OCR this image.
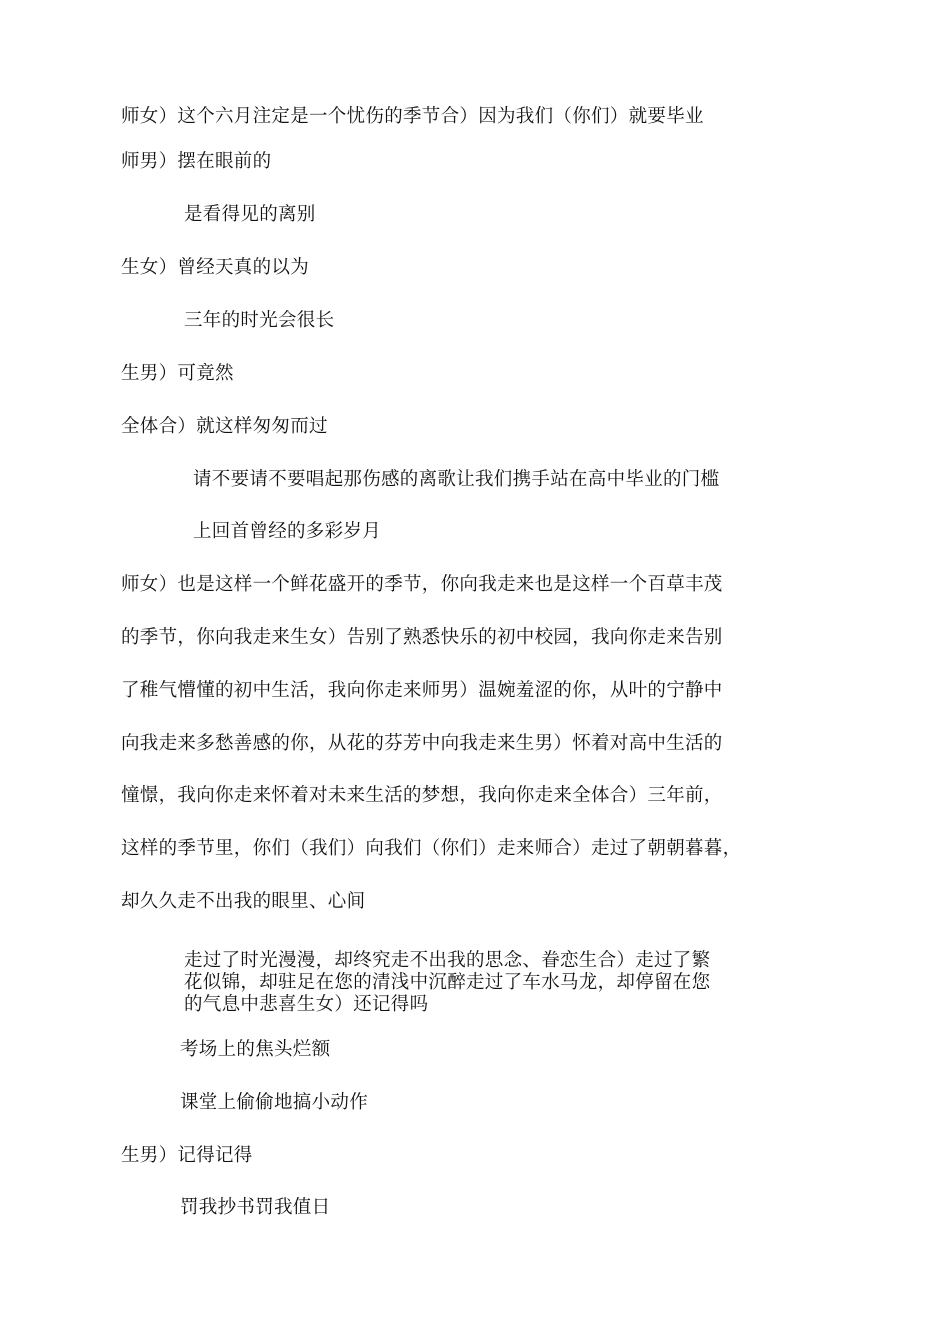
师女）这个六月注定是一个忧伤的季节合）因为我们（你们）就要毕业
师男）摆在眼前的
是看得见的离别
生女）曾经天真的以为
三年的时光会很长
生男）可竟然
全体合）就这样匆匆而过
请不要请不要唱起那伤感的离歌让我们携手站在高中毕业的门槛
上回首曾经的多彩岁月
师女）也是这样一个鲜花盛开的季节，你向我走来也是这样一个百草丰茂
的季节，你向我走来生女）告别了熟悉快乐的初中校园，我向你走来告别
了稚气懵懂的初中生活，我向你走来师男）温婉羞涩的你，从叶的宁静中
向我走来多愁善感的你，从花的芬芳中向我走来生男）怀着对高中生活的
憧憬，我向你走来怀着对未来生活的梦想，我向你走来全体合）三年前，
这样的季节里，你们（我们）向我们（你们）走来师合）走过了朝朝暮暮，
却久久走不出我的眼里、心间
走过了时光漫漫，却终究走不出我的思念、眷恋生合）走过了繁
花似锦，却驻足在您的清浅中沉醉走过了车水马龙，却停留在您
的气息中悲喜生女）还记得吗
考场上的焦头烂额
课堂上偷偷地搞小动作
生男）记得记得
罚我抄书罚我值日
